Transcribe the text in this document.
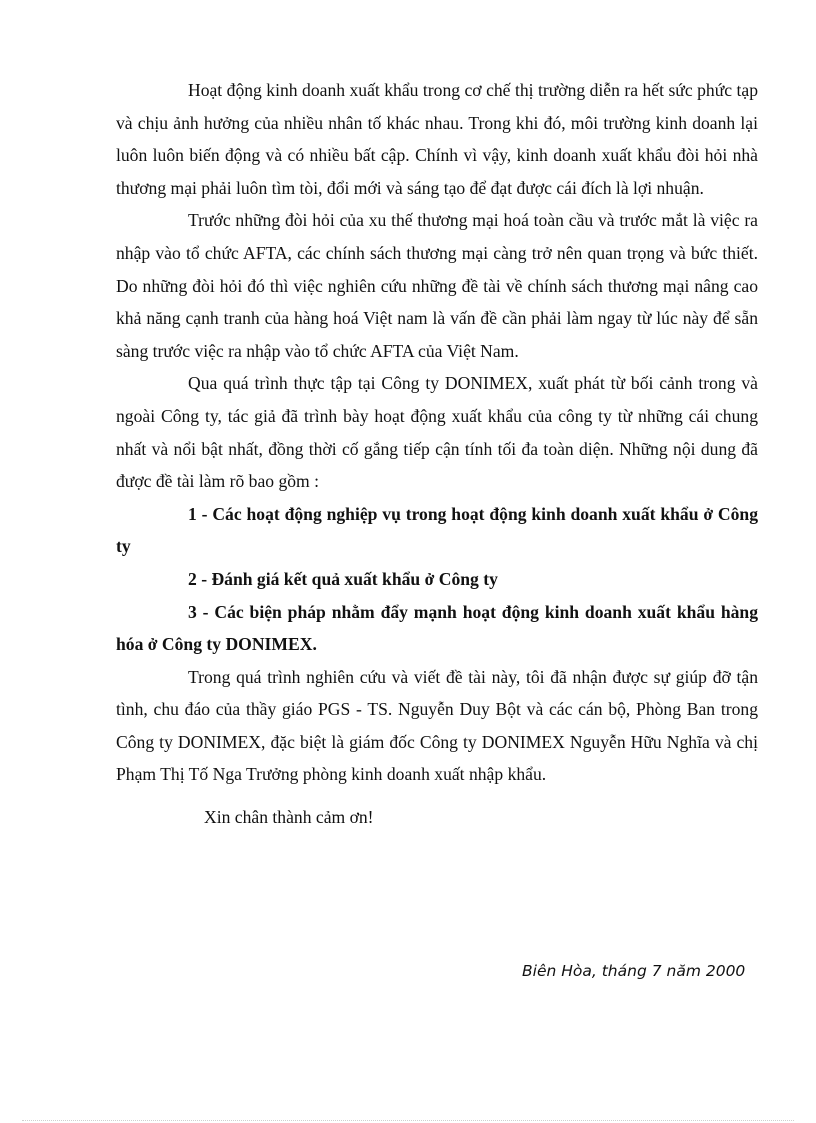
Hoạt động kinh doanh xuất khẩu trong cơ chế thị trường diễn ra hết sức phức tạp và chịu ảnh hưởng của nhiều nhân tố khác nhau. Trong khi đó, môi trường kinh doanh lại luôn luôn biến động và có nhiều bất cập. Chính vì vậy, kinh doanh xuất khẩu đòi hỏi nhà thương mại phải luôn tìm tòi, đổi mới và sáng tạo để đạt được cái đích là lợi nhuận.

Trước những đòi hỏi của xu thế thương mại hoá toàn cầu và trước mắt là việc ra nhập vào tổ chức AFTA, các chính sách thương mại càng trở nên quan trọng và bức thiết. Do những đòi hỏi đó thì việc nghiên cứu những đề tài về chính sách thương mại nâng cao khả năng cạnh tranh của hàng hoá Việt nam là vấn đề cần phải làm ngay từ lúc này để sẵn sàng trước việc ra nhập vào tổ chức AFTA của Việt Nam.

Qua quá trình thực tập tại Công ty DONIMEX, xuất phát từ bối cảnh trong và ngoài Công ty, tác giả đã trình bày hoạt động xuất khẩu của công ty từ những cái chung nhất và nổi bật nhất, đồng thời cố gắng tiếp cận tính tối đa toàn diện. Những nội dung đã được đề tài làm rõ bao gồm :

1 - Các hoạt động nghiệp vụ trong hoạt động kinh doanh xuất khẩu ở Công ty

2 - Đánh giá kết quả xuất khẩu ở Công ty

3 - Các biện pháp nhằm đẩy mạnh hoạt động kinh doanh xuất khẩu hàng hóa ở Công ty DONIMEX.

Trong quá trình nghiên cứu và viết đề tài này, tôi đã nhận được sự giúp đỡ tận tình, chu đáo của thầy giáo PGS - TS. Nguyễn Duy Bột và các cán bộ, Phòng Ban trong Công ty DONIMEX, đặc biệt là giám đốc Công ty DONIMEX Nguyễn Hữu Nghĩa và chị Phạm Thị Tố Nga Trưởng phòng kinh doanh xuất nhập khẩu.

Xin chân thành cảm ơn!

Biên Hòa, tháng 7 năm 2000
